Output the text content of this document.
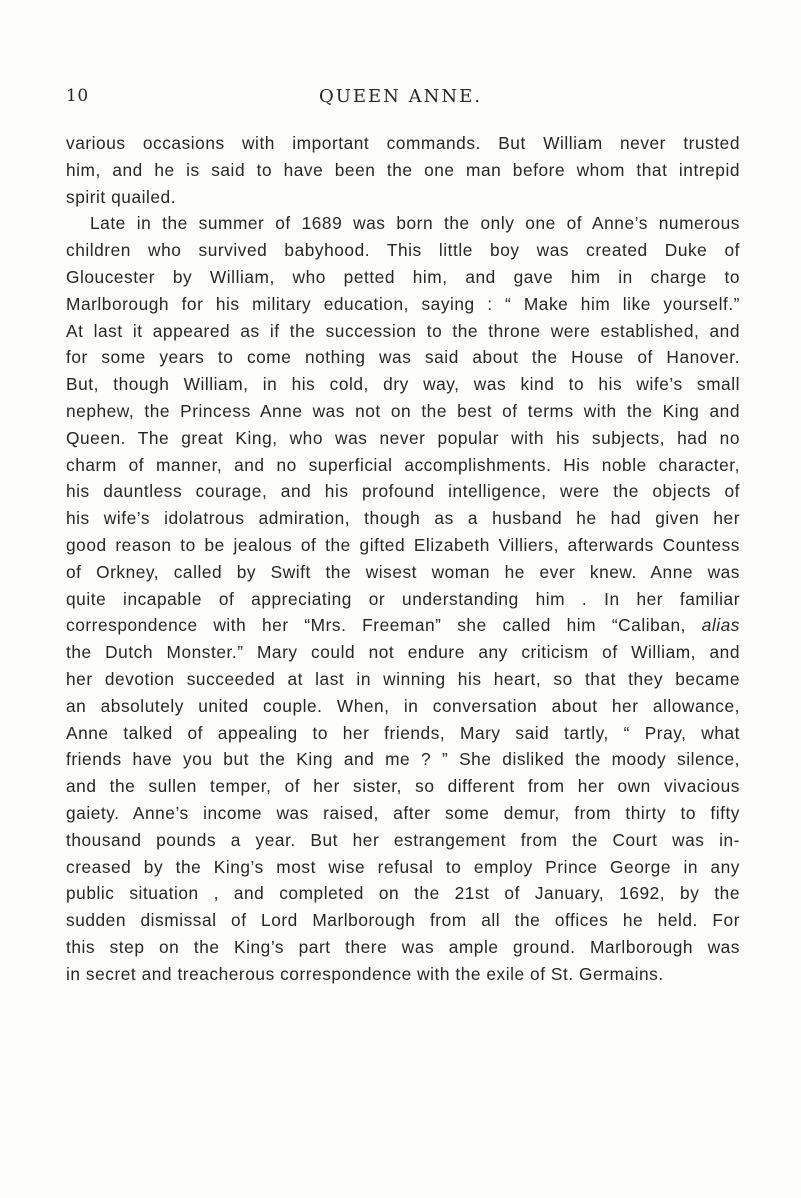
10	QUEEN ANNE.
various occasions with important commands. But William never trusted
him, and he is said to have been the one man before whom that intrepid
spirit quailed.
Late in the summer of 1689 was born the only one of Anne’s numerous
children who survived babyhood. This little boy was created Duke of
Gloucester by William, who petted him, and gave him in charge to
Marlborough for his military education, saying : “ Make him like yourself.”
At last it appeared as if the succession to the throne were established, and
for some years to come nothing was said about the House of Hanover.
But, though William, in his cold, dry way, was kind to his wife’s small
nephew, the Princess Anne was not on the best of terms with the King and
Queen. The great King, who was never popular with his subjects, had no
charm of manner, and no superficial accomplishments. His noble character,
his dauntless courage, and his profound intelligence, were the objects of
his wife’s idolatrous admiration, though as a husband he had given her
good reason to be jealous of the gifted Elizabeth Villiers, afterwards Countess
of Orkney, called by Swift the wisest woman he ever knew. Anne was
quite incapable of appreciating or understanding him . In her familiar
correspondence with her “Mrs. Freeman” she called him “Caliban, alias
the Dutch Monster.” Mary could not endure any criticism of William, and
her devotion succeeded at last in winning his heart, so that they became
an absolutely united couple. When, in conversation about her allowance,
Anne talked of appealing to her friends, Mary said tartly, “ Pray, what
friends have you but the King and me ? ” She disliked the moody silence,
and the sullen temper, of her sister, so different from her own vivacious
gaiety. Anne’s income was raised, after some demur, from thirty to fifty
thousand pounds a year. But her estrangement from the Court was in-
creased by the King’s most wise refusal to employ Prince George in any
public situation , and completed on the 21st of January, 1692, by the
sudden dismissal of Lord Marlborough from all the offices he held. For
this step on the King’s part there was ample ground. Marlborough was
in secret and treacherous correspondence with the exile of St. Germains.
